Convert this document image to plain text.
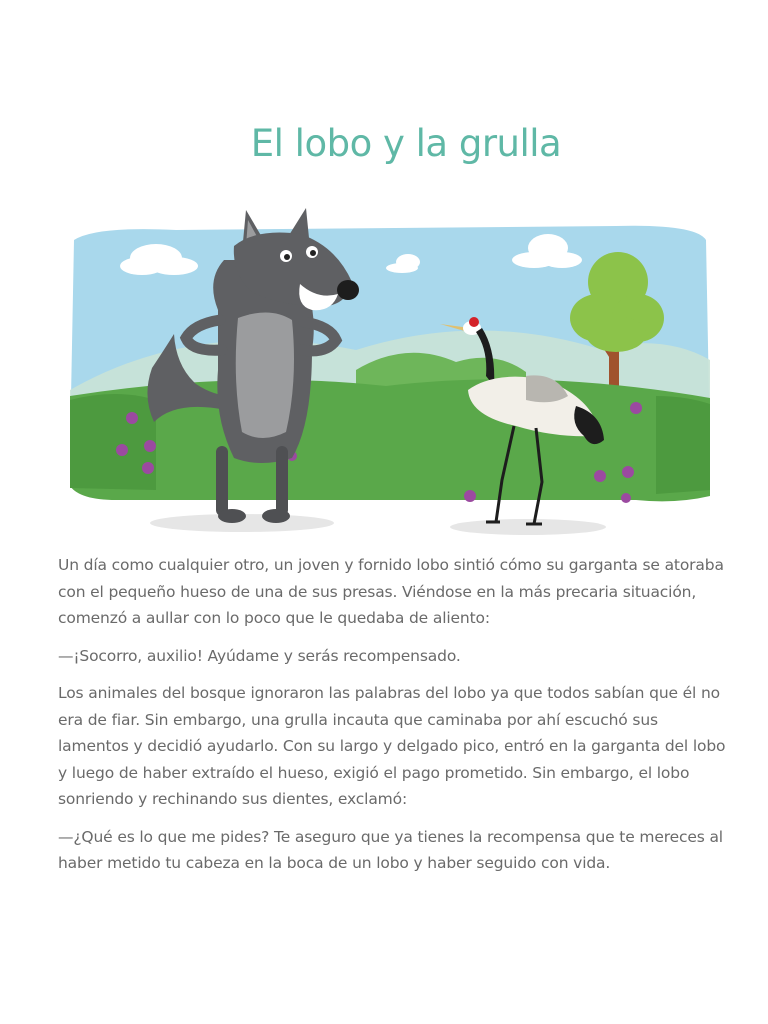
El lobo y la grulla

Un día como cualquier otro, un joven y fornido lobo sintió cómo su garganta se atoraba con el pequeño hueso de una de sus presas. Viéndose en la más precaria situación, comenzó a aullar con lo poco que le quedaba de aliento:

—¡Socorro, auxilio! Ayúdame y serás recompensado.

Los animales del bosque ignoraron las palabras del lobo ya que todos sabían que él no era de fiar. Sin embargo, una grulla incauta que caminaba por ahí escuchó sus lamentos y decidió ayudarlo. Con su largo y delgado pico, entró en la garganta del lobo y luego de haber extraído el hueso, exigió el pago prometido. Sin embargo, el lobo sonriendo y rechinando sus dientes, exclamó:

—¿Qué es lo que me pides? Te aseguro que ya tienes la recompensa que te mereces al haber metido tu cabeza en la boca de un lobo y haber seguido con vida.
